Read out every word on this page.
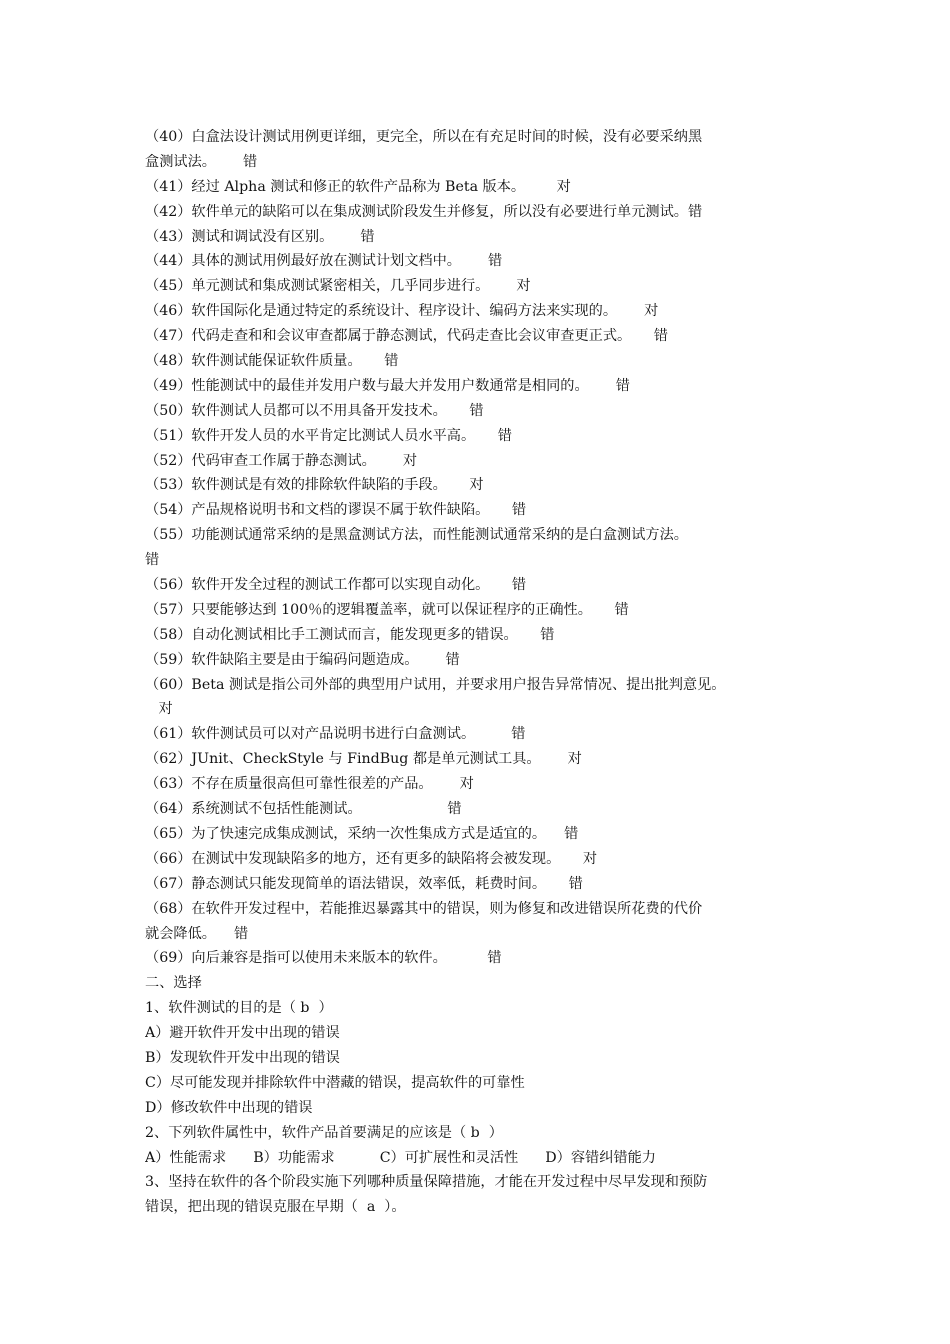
（40）白盒法设计测试用例更详细，更完全，所以在有充足时间的时候，没有必要采纳黑
盒测试法。      错
（41）经过 Alpha 测试和修正的软件产品称为 Beta 版本。       对
（42）软件单元的缺陷可以在集成测试阶段发生并修复，所以没有必要进行单元测试。错
（43）测试和调试没有区别。      错
（44）具体的测试用例最好放在测试计划文档中。      错
（45）单元测试和集成测试紧密相关，几乎同步进行。      对
（46）软件国际化是通过特定的系统设计、程序设计、编码方法来实现的。      对
（47）代码走查和和会议审查都属于静态测试，代码走查比会议审查更正式。     错
（48）软件测试能保证软件质量。     错
（49）性能测试中的最佳并发用户数与最大并发用户数通常是相同的。      错
（50）软件测试人员都可以不用具备开发技术。     错
（51）软件开发人员的水平肯定比测试人员水平高。     错
（52）代码审查工作属于静态测试。      对
（53）软件测试是有效的排除软件缺陷的手段。     对
（54）产品规格说明书和文档的谬误不属于软件缺陷。     错
（55）功能测试通常采纳的是黑盒测试方法，而性能测试通常采纳的是白盒测试方法。
错
（56）软件开发全过程的测试工作都可以实现自动化。     错
（57）只要能够达到 100％的逻辑覆盖率，就可以保证程序的正确性。     错
（58）自动化测试相比手工测试而言，能发现更多的错误。     错
（59）软件缺陷主要是由于编码问题造成。      错
（60）Beta 测试是指公司外部的典型用户试用，并要求用户报告异常情况、提出批判意见。
对
（61）软件测试员可以对产品说明书进行白盒测试。        错
（62）JUnit、CheckStyle 与 FindBug 都是单元测试工具。      对
（63）不存在质量很高但可靠性很差的产品。      对
（64）系统测试不包括性能测试。                   错
（65）为了快速完成集成测试，采纳一次性集成方式是适宜的。    错
（66）在测试中发现缺陷多的地方，还有更多的缺陷将会被发现。     对
（67）静态测试只能发现简单的语法错误，效率低，耗费时间。     错
（68）在软件开发过程中，若能推迟暴露其中的错误，则为修复和改进错误所花费的代价
就会降低。    错
（69）向后兼容是指可以使用未来版本的软件。         错
二、选择
1、软件测试的目的是（ b  ）
A）避开软件开发中出现的错误
B）发现软件开发中出现的错误
C）尽可能发现并排除软件中潜藏的错误，提高软件的可靠性
D）修改软件中出现的错误
2、下列软件属性中，软件产品首要满足的应该是（ b  ）
A）性能需求      B）功能需求          C）可扩展性和灵活性      D）容错纠错能力
3、坚持在软件的各个阶段实施下列哪种质量保障措施，才能在开发过程中尽早发现和预防
错误，把出现的错误克服在早期（  a  ）。
